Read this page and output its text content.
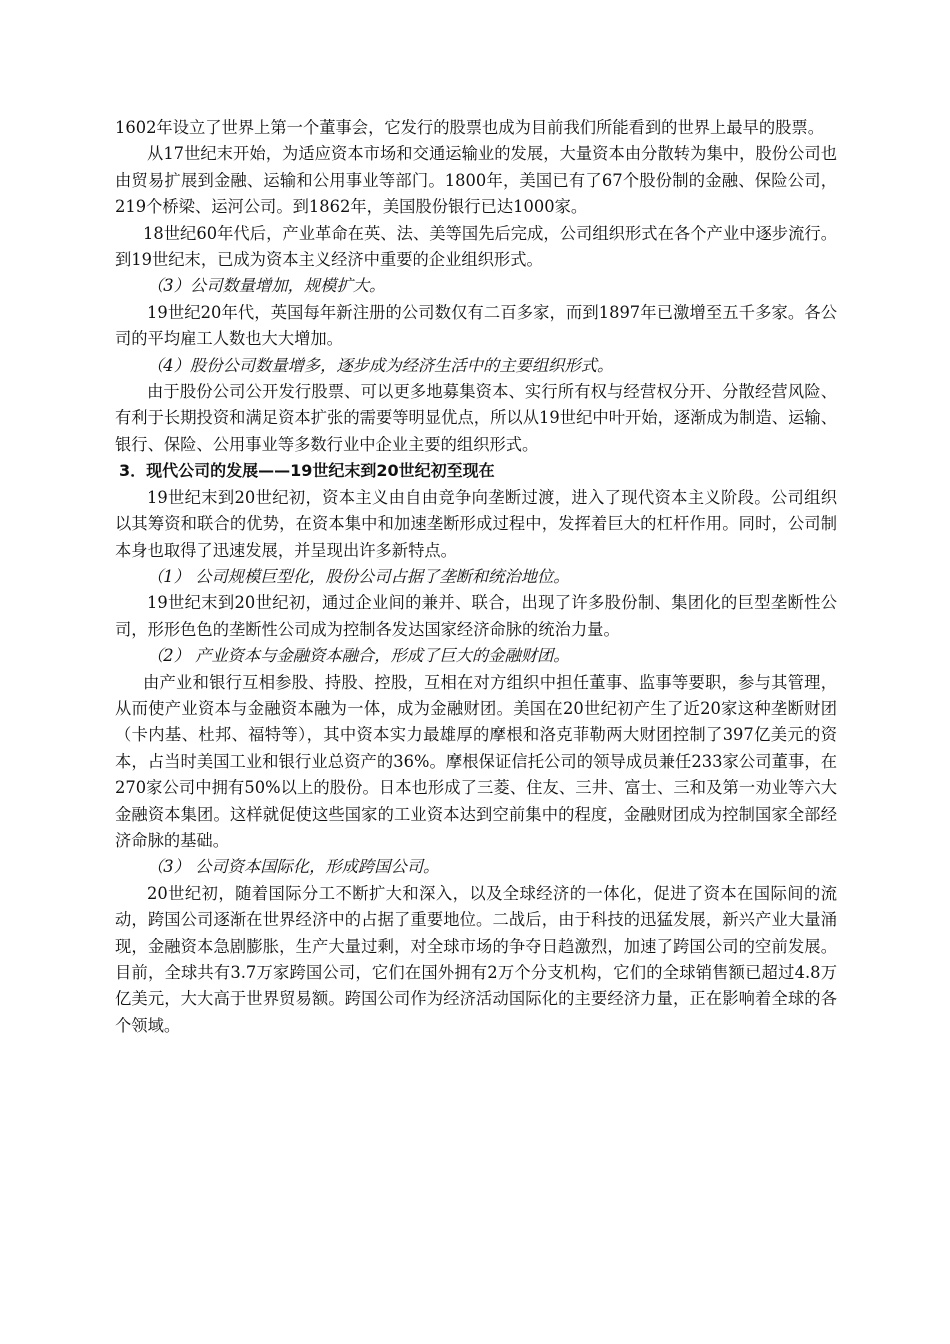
1602年设立了世界上第一个董事会，它发行的股票也成为目前我们所能看到的世界上最早的股票。

从17世纪末开始，为适应资本市场和交通运输业的发展，大量资本由分散转为集中，股份公司也由贸易扩展到金融、运输和公用事业等部门。1800年，美国已有了67个股份制的金融、保险公司，219个桥梁、运河公司。到1862年，美国股份银行已达1000家。

18世纪60年代后，产业革命在英、法、美等国先后完成，公司组织形式在各个产业中逐步流行。到19世纪末，已成为资本主义经济中重要的企业组织形式。

（3）公司数量增加，规模扩大。

19世纪20年代，英国每年新注册的公司数仅有二百多家，而到1897年已激增至五千多家。各公司的平均雇工人数也大大增加。

（4）股份公司数量增多，逐步成为经济生活中的主要组织形式。

由于股份公司公开发行股票、可以更多地募集资本、实行所有权与经营权分开、分散经营风险、有利于长期投资和满足资本扩张的需要等明显优点，所以从19世纪中叶开始，逐渐成为制造、运输、银行、保险、公用事业等多数行业中企业主要的组织形式。

3．现代公司的发展——19世纪末到20世纪初至现在

19世纪末到20世纪初，资本主义由自由竞争向垄断过渡，进入了现代资本主义阶段。公司组织以其筹资和联合的优势，在资本集中和加速垄断形成过程中，发挥着巨大的杠杆作用。同时，公司制本身也取得了迅速发展，并呈现出许多新特点。

（1） 公司规模巨型化，股份公司占据了垄断和统治地位。

19世纪末到20世纪初，通过企业间的兼并、联合，出现了许多股份制、集团化的巨型垄断性公司，形形色色的垄断性公司成为控制各发达国家经济命脉的统治力量。

（2） 产业资本与金融资本融合，形成了巨大的金融财团。

由产业和银行互相参股、持股、控股，互相在对方组织中担任董事、监事等要职，参与其管理，从而使产业资本与金融资本融为一体，成为金融财团。美国在20世纪初产生了近20家这种垄断财团（卡内基、杜邦、福特等），其中资本实力最雄厚的摩根和洛克菲勒两大财团控制了397亿美元的资本，占当时美国工业和银行业总资产的36%。摩根保证信托公司的领导成员兼任233家公司董事，在270家公司中拥有50%以上的股份。日本也形成了三菱、住友、三井、富士、三和及第一劝业等六大金融资本集团。这样就促使这些国家的工业资本达到空前集中的程度，金融财团成为控制国家全部经济命脉的基础。

（3） 公司资本国际化，形成跨国公司。

20世纪初，随着国际分工不断扩大和深入，以及全球经济的一体化，促进了资本在国际间的流动，跨国公司逐渐在世界经济中的占据了重要地位。二战后，由于科技的迅猛发展，新兴产业大量涌现，金融资本急剧膨胀，生产大量过剩，对全球市场的争夺日趋激烈，加速了跨国公司的空前发展。目前，全球共有3.7万家跨国公司，它们在国外拥有2万个分支机构，它们的全球销售额已超过4.8万亿美元，大大高于世界贸易额。跨国公司作为经济活动国际化的主要经济力量，正在影响着全球的各个领域。
